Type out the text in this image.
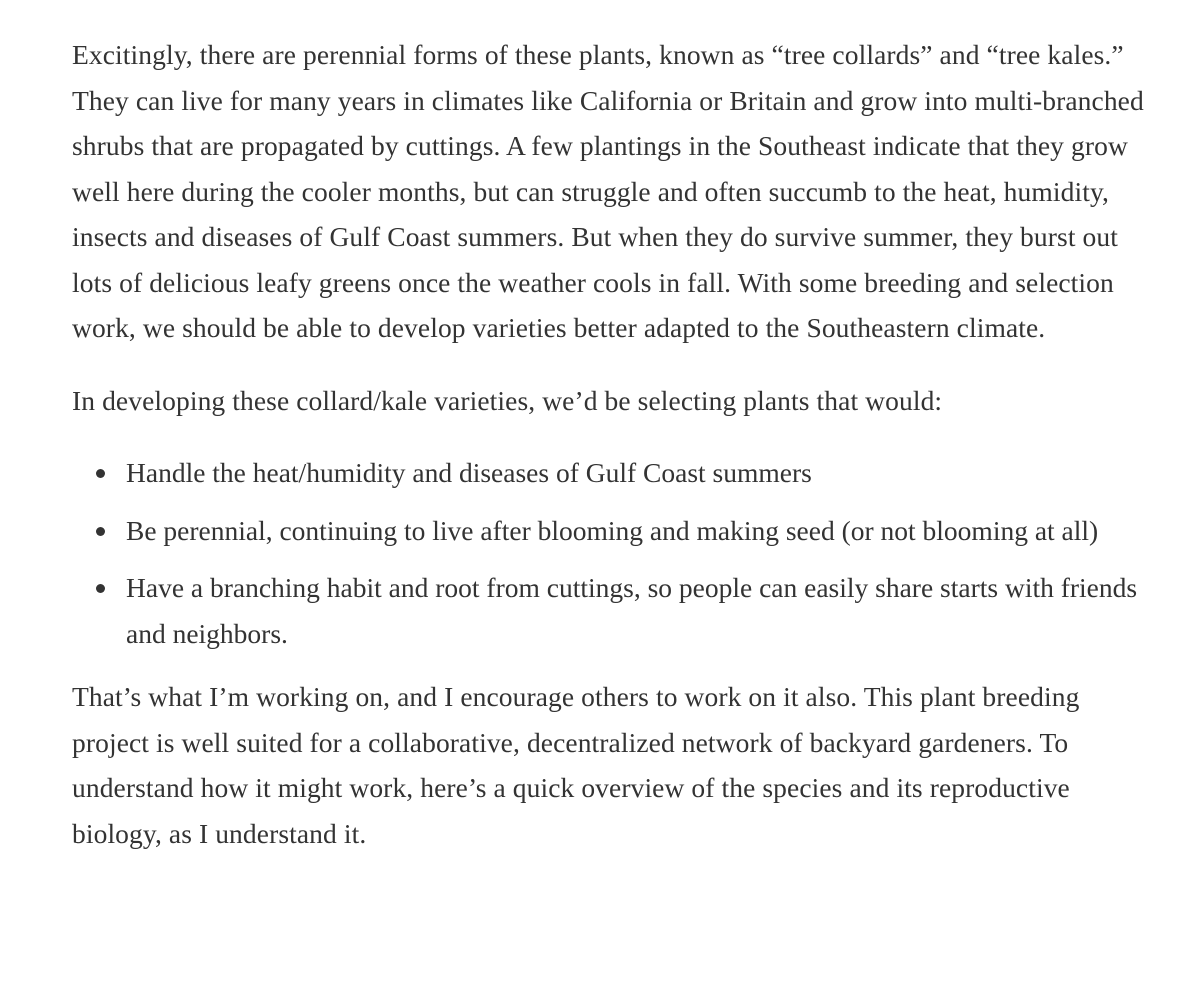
Excitingly, there are perennial forms of these plants, known as “tree collards” and “tree kales.” They can live for many years in climates like California or Britain and grow into multi-branched shrubs that are propagated by cuttings. A few plantings in the Southeast indicate that they grow well here during the cooler months, but can struggle and often succumb to the heat, humidity, insects and diseases of Gulf Coast summers. But when they do survive summer, they burst out lots of delicious leafy greens once the weather cools in fall. With some breeding and selection work, we should be able to develop varieties better adapted to the Southeastern climate.

In developing these collard/kale varieties, we’d be selecting plants that would:

Handle the heat/humidity and diseases of Gulf Coast summers
Be perennial, continuing to live after blooming and making seed (or not blooming at all)
Have a branching habit and root from cuttings, so people can easily share starts with friends and neighbors.

That’s what I’m working on, and I encourage others to work on it also. This plant breeding project is well suited for a collaborative, decentralized network of backyard gardeners. To understand how it might work, here’s a quick overview of the species and its reproductive biology, as I understand it.
